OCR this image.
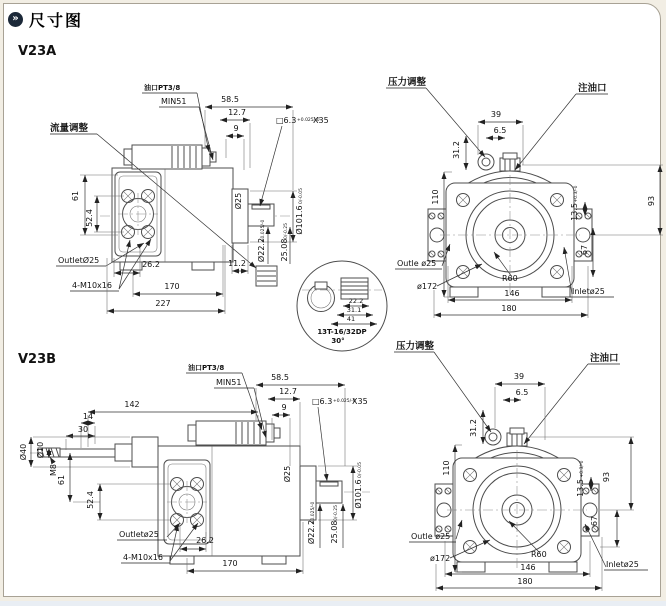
» 尺寸图
V23A
V23B
流量调整
油口PT3/8
MIN51	58.5
12.7
9
□6.3 +0.025/-0
X35
Ø25
Ø101.6
0/-0.05
Ø22.2
+0.025/-0
25.08
0/-0.25
11.2
OutletØ25	26.2
4-M10x16	170
227
61
52.4
压力调整
注油口
39
6.5
31.2
110	93
13.5
+0.3/-0
67
Outle ø25
ø172
R60
146
180
Inletø25
22.2
31.1
41
13T-16/32DP
30°
油口PT3/8
MIN51
58.5
12.7
9
□6.3 +0.025/-0
X35
142
14
30
Ø40 Ø10
M8
61
52.4
Ø25
Ø101.6
0/-0.05
Ø22.2
+0.025/-0
25.08
0/-0.25
Outletø25
26.2
4-M10x16
170
压力调整
注油口
39
6.5
31.2
110
93
13.5
+0.3/-0
67
Outle ø25
ø172	R60
146
180
Inletø25
